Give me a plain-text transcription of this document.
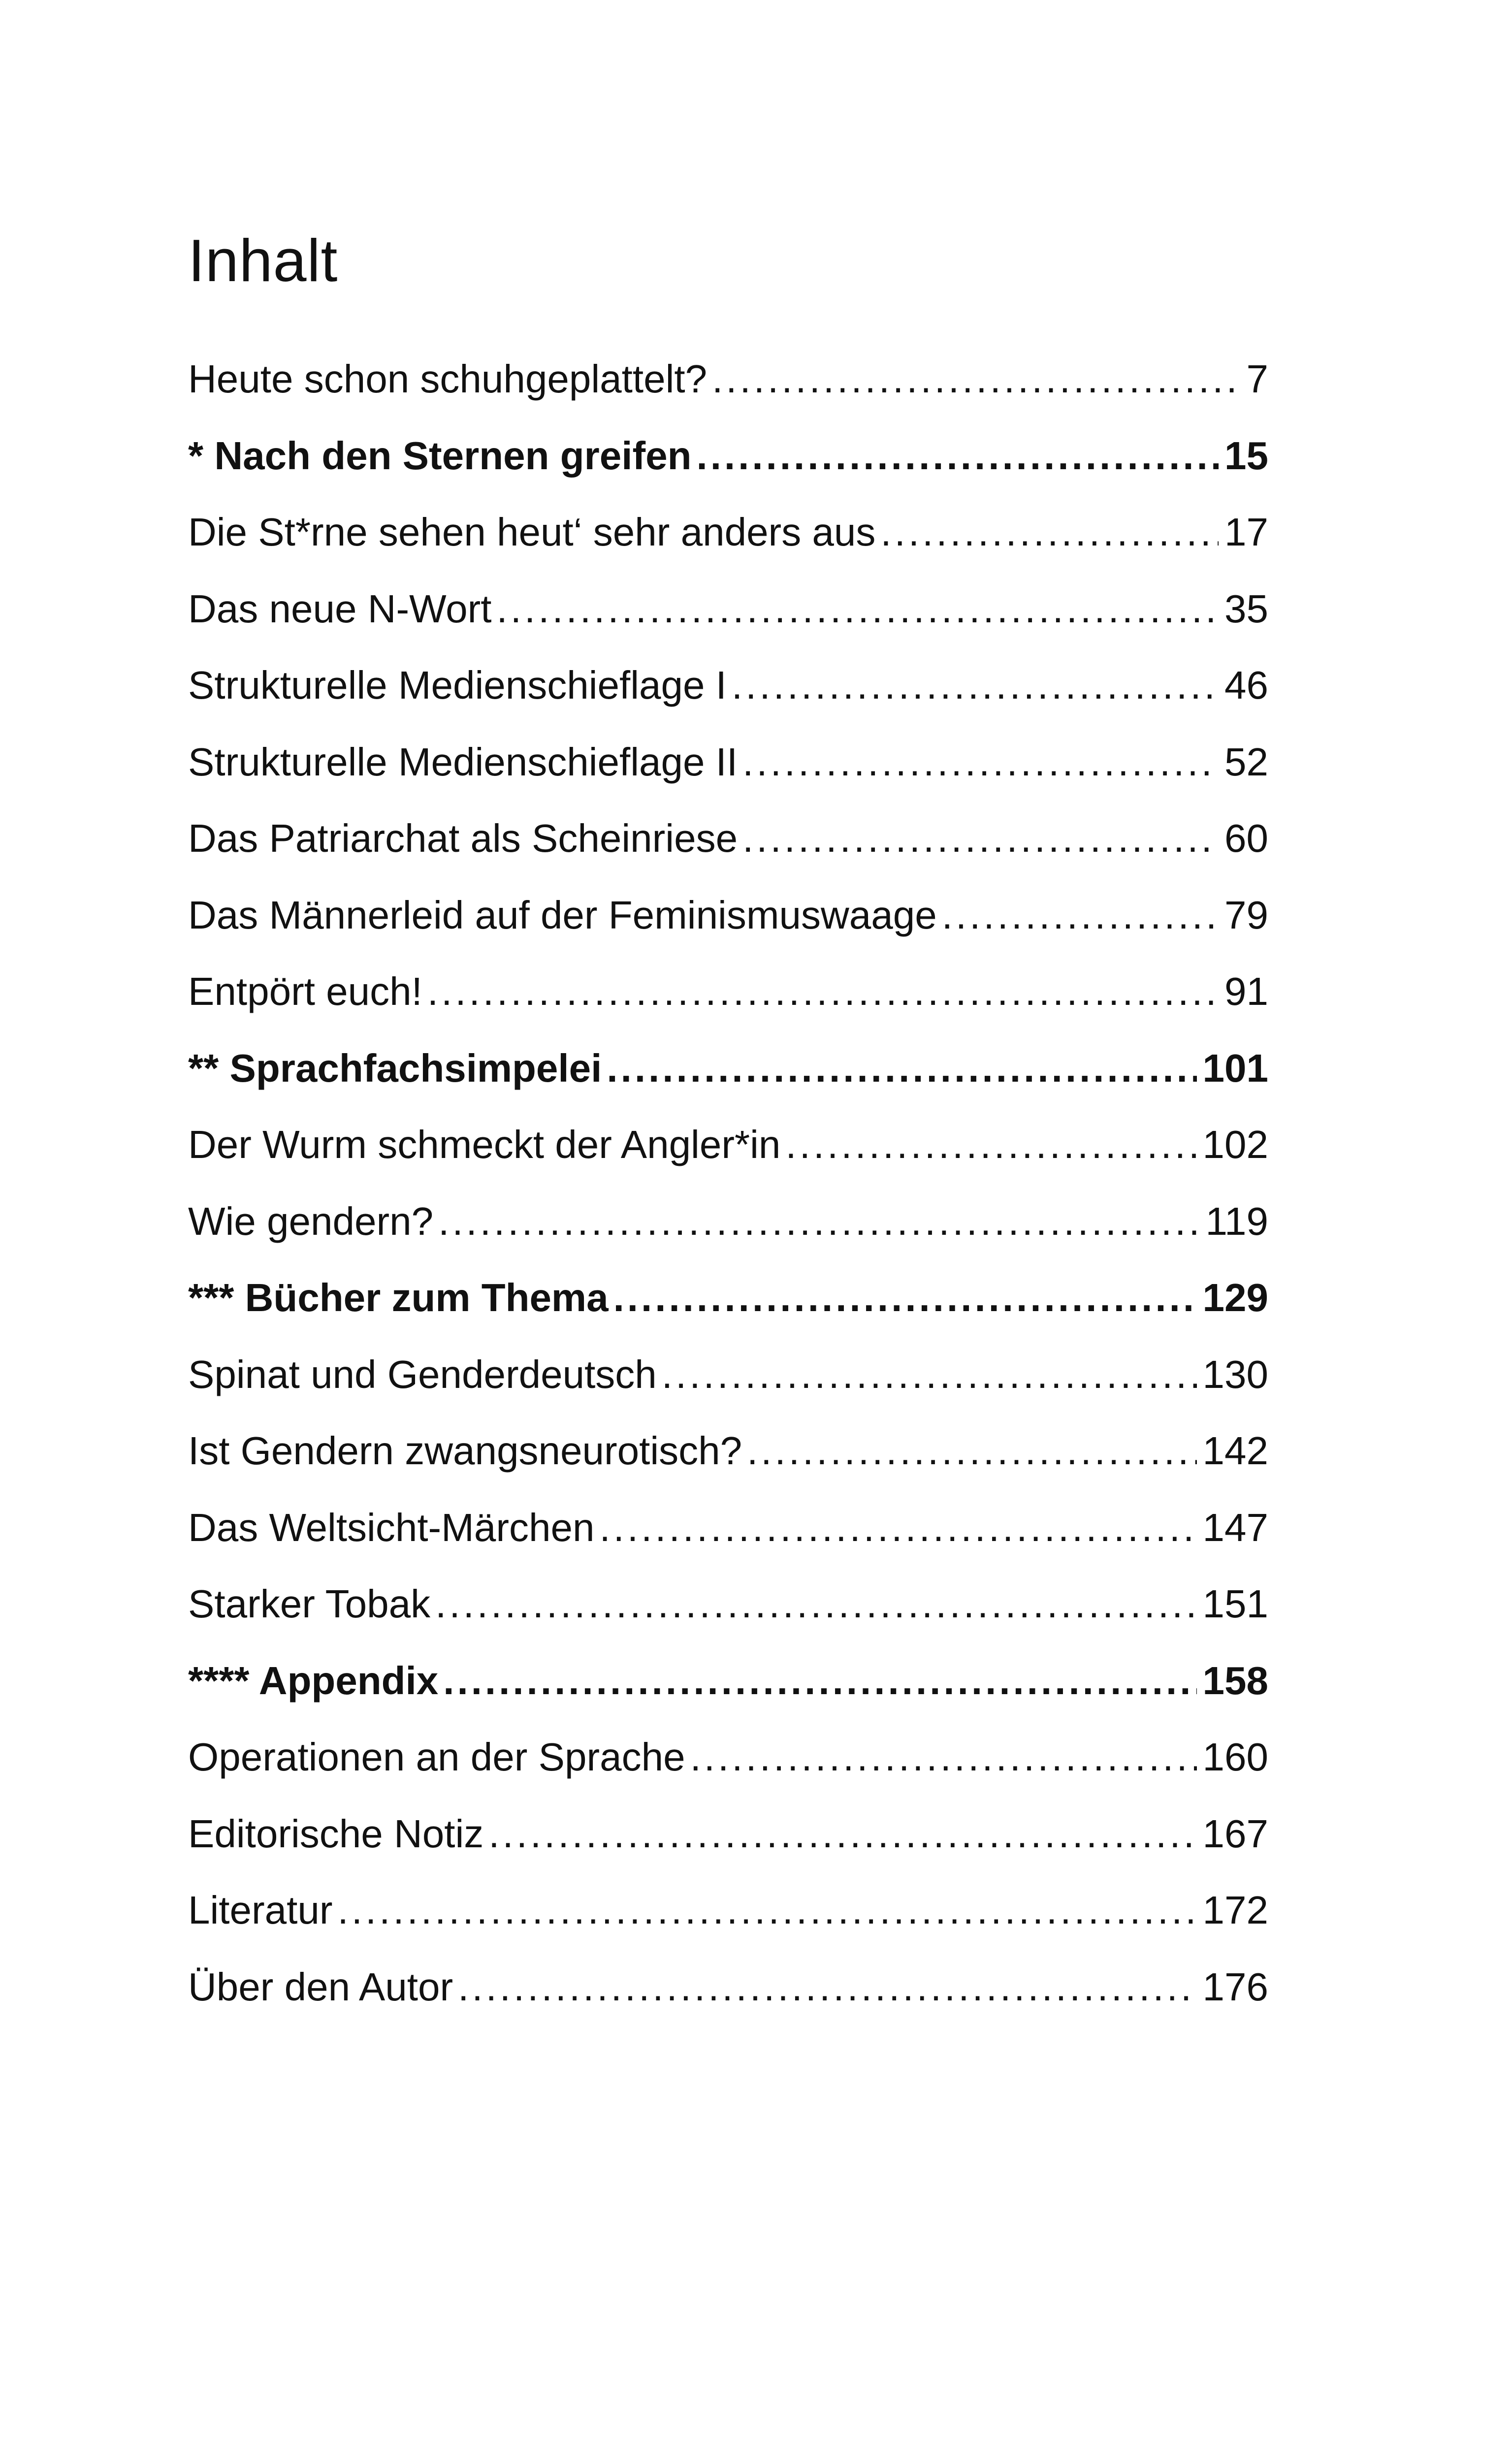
Inhalt
Heute schon schuhgeplattelt? .....	7
* Nach den Sternen greifen .....	15
Die St*rne sehen heut‘ sehr anders aus .....	17
Das neue N-Wort .....	35
Strukturelle Medienschieflage I .....	46
Strukturelle Medienschieflage II .....	52
Das Patriarchat als Scheinriese .....	60
Das Männerleid auf der Feminismuswaage .....	79
Entpört euch! .....	91
** Sprachfachsimpelei .....	101
Der Wurm schmeckt der Angler*in .....	102
Wie gendern? .....	119
*** Bücher zum Thema .....	129
Spinat und Genderdeutsch .....	130
Ist Gendern zwangsneurotisch? .....	142
Das Weltsicht-Märchen .....	147
Starker Tobak .....	151
**** Appendix .....	158
Operationen an der Sprache .....	160
Editorische Notiz .....	167
Literatur .....	172
Über den Autor .....	176
